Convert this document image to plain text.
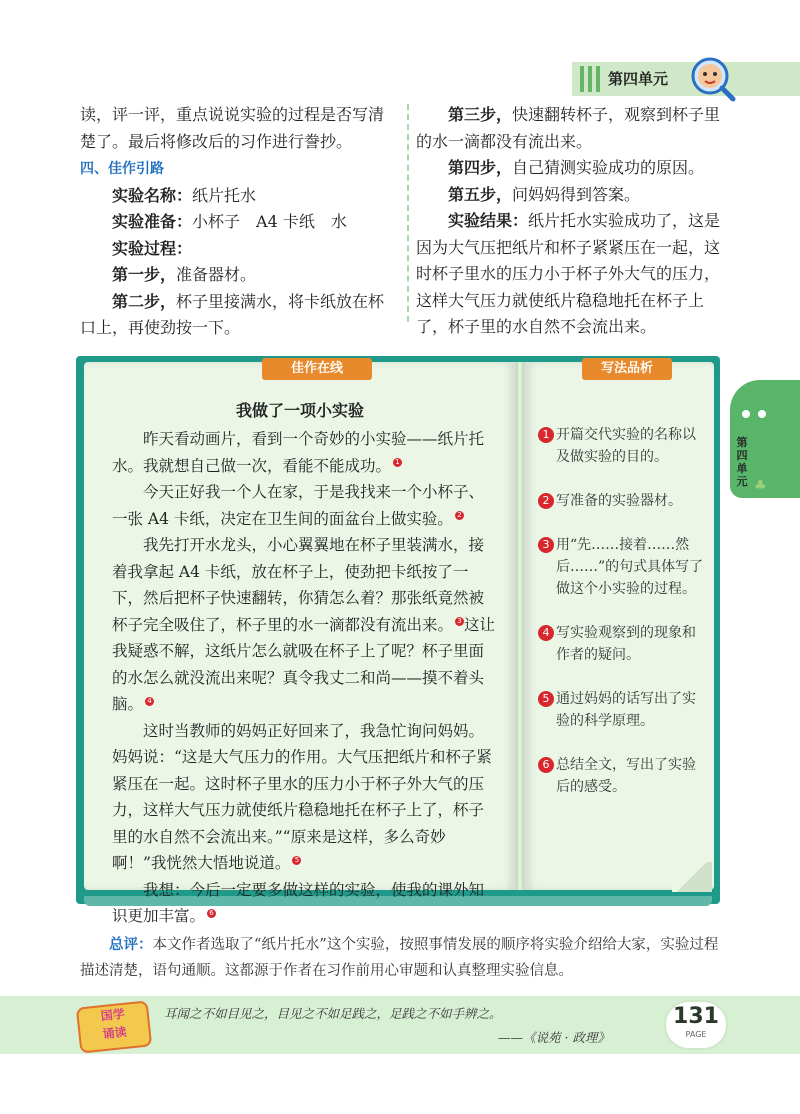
第四单元

读，评一评，重点说说实验的过程是否写清楚了。最后将修改后的习作进行誊抄。

四、佳作引路

实验名称：纸片托水

实验准备：小杯子　A4 卡纸　水

实验过程：

第一步，准备器材。

第二步，杯子里接满水，将卡纸放在杯口上，再使劲按一下。

第三步，快速翻转杯子，观察到杯子里的水一滴都没有流出来。

第四步，自己猜测实验成功的原因。

第五步，问妈妈得到答案。

实验结果：纸片托水实验成功了，这是因为大气压把纸片和杯子紧紧压在一起，这时杯子里水的压力小于杯子外大气的压力，这样大气压力就使纸片稳稳地托在杯子上了，杯子里的水自然不会流出来。

佳作在线	写法品析
我做了一项小实验

昨天看动画片，看到一个奇妙的小实验——纸片托水。我就想自己做一次，看能不能成功。 1

今天正好我一个人在家，于是我找来一个小杯子、一张 A4 卡纸，决定在卫生间的面盆台上做实验。 2

我先打开水龙头，小心翼翼地在杯子里装满水，接着我拿起 A4 卡纸，放在杯子上，使劲把卡纸按了一下，然后把杯子快速翻转，你猜怎么着？那张纸竟然被杯子完全吸住了，杯子里的水一滴都没有流出来。 3 这让我疑惑不解，这纸片怎么就吸在杯子上了呢？杯子里面的水怎么就没流出来呢？真令我丈二和尚——摸不着头脑。 4

这时当教师的妈妈正好回来了，我急忙询问妈妈。妈妈说：“这是大气压力的作用。大气压把纸片和杯子紧紧压在一起。这时杯子里水的压力小于杯子外大气的压力，这样大气压力就使纸片稳稳地托在杯子上了，杯子里的水自然不会流出来。”“原来是这样，多么奇妙啊！”我恍然大悟地说道。 5

我想：今后一定要多做这样的实验，使我的课外知识更加丰富。 6

1 开篇交代实验的名称以及做实验的目的。
2 写准备的实验器材。
3 用“先……接着……然后……”的句式具体写了做这个小实验的过程。
4 写实验观察到的现象和作者的疑问。
5 通过妈妈的话写出了实验的科学原理。
6 总结全文，写出了实验后的感受。
第四单元 ♣
总评：本文作者选取了“纸片托水”这个实验，按照事情发展的顺序将实验介绍给大家，实验过程描述清楚，语句通顺。这都源于作者在习作前用心审题和认真整理实验信息。
国学
诵读
耳闻之不如目见之，目见之不如足践之，足践之不如手辨之。
——《说苑 · 政理》
131
PAGE
